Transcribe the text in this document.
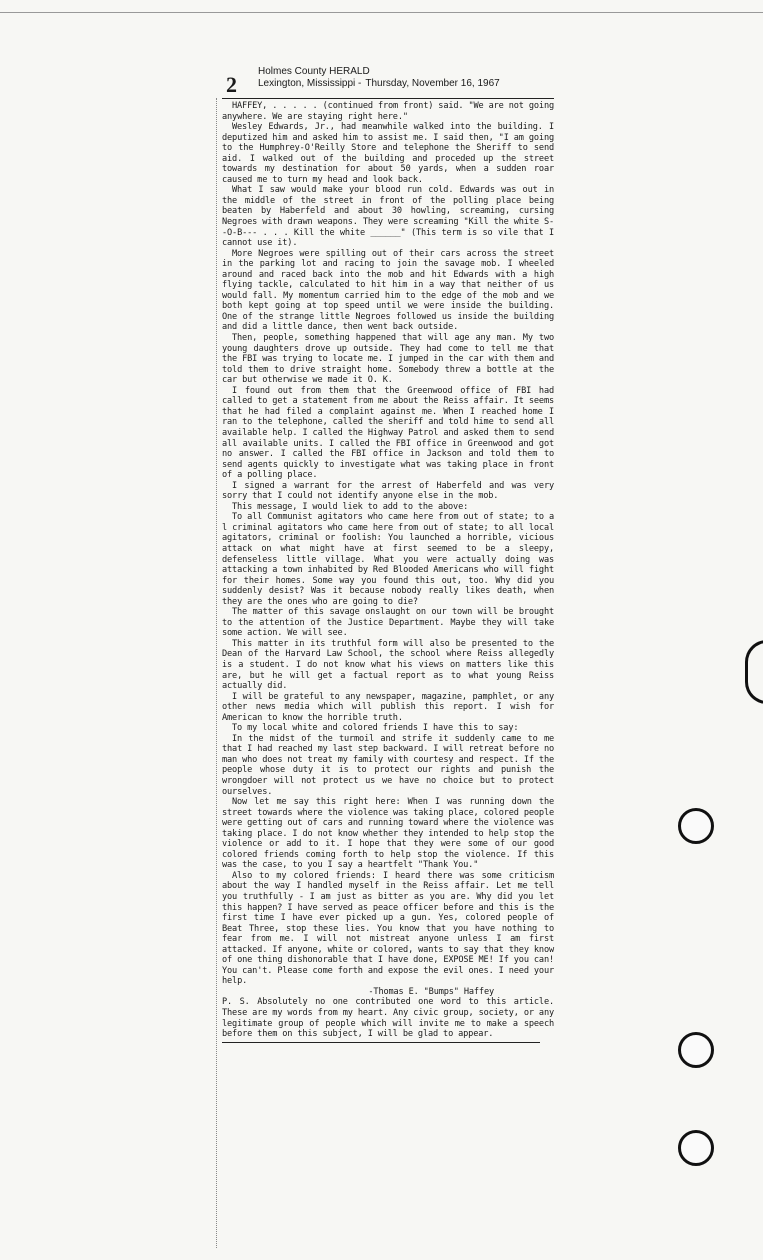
2
Holmes County HERALD
Lexington, Mississippi - Thursday, November 16, 1967

HAFFEY, . . . . . (continued from front) said. "We are not going anywhere. We are staying right here."

Wesley Edwards, Jr., had meanwhile walked into the building. I deputized him and asked him to assist me. I said then, "I am going to the Humphrey-O'Reilly Store and telephone the Sheriff to send aid. I walked out of the building and proceded up the street towards my destination for about 50 yards, when a sudden roar caused me to turn my head and look back.

What I saw would make your blood run cold. Edwards was out in the middle of the street in front of the polling place being beaten by Haberfeld and about 30 howling, screaming, cursing Negroes with drawn weapons. They were screaming "Kill the white S--O-B--- . . . Kill the white ______" (This term is so vile that I cannot use it).

More Negroes were spilling out of their cars across the street in the parking lot and racing to join the savage mob. I wheeled around and raced back into the mob and hit Edwards with a high flying tackle, calculated to hit him in a way that neither of us would fall. My momentum carried him to the edge of the mob and we both kept going at top speed until we were inside the building. One of the strange little Negroes followed us inside the building and did a little dance, then went back outside.

Then, people, something happened that will age any man. My two young daughters drove up outside. They had come to tell me that the FBI was trying to locate me. I jumped in the car with them and told them to drive straight home. Somebody threw a bottle at the car but otherwise we made it O. K.

I found out from them that the Greenwood office of FBI had called to get a statement from me about the Reiss affair. It seems that he had filed a complaint against me. When I reached home I ran to the telephone, called the sheriff and told hime to send all available help. I called the Highway Patrol and asked them to send all available units. I called the FBI office in Greenwood and got no answer. I called the FBI office in Jackson and told them to send agents quickly to investigate what was taking place in front of a polling place.

I signed a warrant for the arrest of Haberfeld and was very sorry that I could not identify anyone else in the mob.

This message, I would liek to add to the above:

To all Communist agitators who came here from out of state; to a l criminal agitators who came here from out of state; to all local agitators, criminal or foolish: You launched a horrible, vicious attack on what might have at first seemed to be a sleepy, defenseless little village. What you were actually doing was attacking a town inhabited by Red Blooded Americans who will fight for their homes. Some way you found this out, too. Why did you suddenly desist? Was it because nobody really likes death, when they are the ones who are going to die?

The matter of this savage onslaught on our town will be brought to the attention of the Justice Department. Maybe they will take some action. We will see.

This matter in its truthful form will also be presented to the Dean of the Harvard Law School, the school where Reiss allegedly is a student. I do not know what his views on matters like this are, but he will get a factual report as to what young Reiss actually did.

I will be grateful to any newspaper, magazine, pamphlet, or any other news media which will publish this report. I wish for American to know the horrible truth.

To my local white and colored friends I have this to say:

In the midst of the turmoil and strife it suddenly came to me that I had reached my last step backward. I will retreat before no man who does not treat my family with courtesy and respect. If the people whose duty it is to protect our rights and punish the wrongdoer will not protect us we have no choice but to protect ourselves.

Now let me say this right here: When I was running down the street towards where the violence was taking place, colored people were getting out of cars and running toward where the violence was taking place. I do not know whether they intended to help stop the violence or add to it. I hope that they were some of our good colored friends coming forth to help stop the violence. If this was the case, to you I say a heartfelt "Thank You."

Also to my colored friends: I heard there was some criticism about the way I handled myself in the Reiss affair. Let me tell you truthfully - I am just as bitter as you are. Why did you let this happen? I have served as peace officer before and this is the first time I have ever picked up a gun. Yes, colored people of Beat Three, stop these lies. You know that you have nothing to fear from me. I will not mistreat anyone unless I am first attacked. If anyone, white or colored, wants to say that they know of one thing dishonorable that I have done, EXPOSE ME! If you can! You can't. Please come forth and expose the evil ones. I need your help.

-Thomas E. "Bumps" Haffey

P. S. Absolutely no one contributed one word to this article. These are my words from my heart. Any civic group, society, or any legitimate group of people which will invite me to make a speech before them on this subject, I will be glad to appear.
